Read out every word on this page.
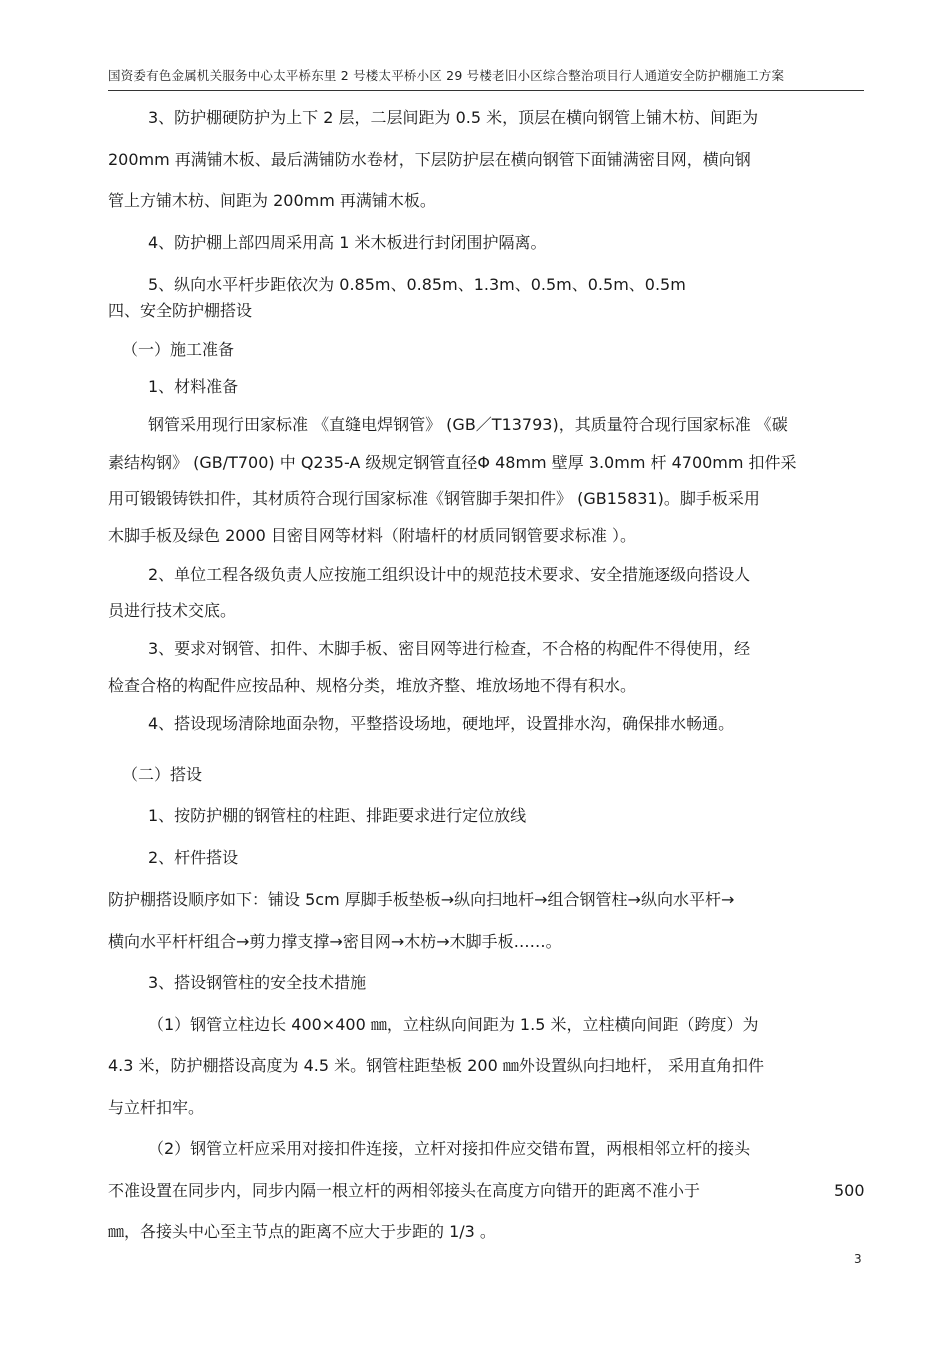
国资委有色金属机关服务中心太平桥东里 2 号楼太平桥小区 29 号楼老旧小区综合整治项目行人通道安全防护棚施工方案
3、防护棚硬防护为上下 2 层，二层间距为 0.5 米，顶层在横向钢管上铺木枋、间距为
200mm 再满铺木板、最后满铺防水卷材，下层防护层在横向钢管下面铺满密目网，横向钢
管上方铺木枋、间距为 200mm 再满铺木板。
4、防护棚上部四周采用高 1 米木板进行封闭围护隔离。
5、纵向水平杆步距依次为 0.85m、0.85m、1.3m、0.5m、0.5m、0.5m
四、安全防护棚搭设
（一）施工准备
1、材料准备
钢管采用现行田家标准 《直缝电焊钢管》 (GB／T13793)，其质量符合现行国家标准 《碳
素结构钢》 (GB/T700) 中 Q235-A 级规定钢管直径Φ 48mm 壁厚 3.0mm 杆 4700mm 扣件采
用可锻锻铸铁扣件，其材质符合现行国家标准《钢管脚手架扣件》 (GB15831)。脚手板采用
木脚手板及绿色 2000 目密目网等材料（附墙杆的材质同钢管要求标准 ）。
2、单位工程各级负责人应按施工组织设计中的规范技术要求、安全措施逐级向搭设人
员进行技术交底。
3、要求对钢管、扣件、木脚手板、密目网等进行检查，不合格的构配件不得使用，经
检查合格的构配件应按品种、规格分类，堆放齐整、堆放场地不得有积水。
4、搭设现场清除地面杂物，平整搭设场地，硬地坪，设置排水沟，确保排水畅通。
（二）搭设
1、按防护棚的钢管柱的柱距、排距要求进行定位放线
2、杆件搭设
防护棚搭设顺序如下：铺设 5cm 厚脚手板垫板→纵向扫地杆→组合钢管柱→纵向水平杆→
横向水平杆杆组合→剪力撑支撑→密目网→木枋→木脚手板……。
3、搭设钢管柱的安全技术措施
（1）钢管立柱边长 400×400 ㎜，立柱纵向间距为 1.5 米，立柱横向间距（跨度）为
4.3 米，防护棚搭设高度为 4.5 米。钢管柱距垫板 200 ㎜外设置纵向扫地杆， 采用直角扣件
与立杆扣牢。
（2）钢管立杆应采用对接扣件连接，立杆对接扣件应交错布置，两根相邻立杆的接头
不准设置在同步内，同步内隔一根立杆的两相邻接头在高度方向错开的距离不准小于	500
㎜，各接头中心至主节点的距离不应大于步距的 1/3 。
3
